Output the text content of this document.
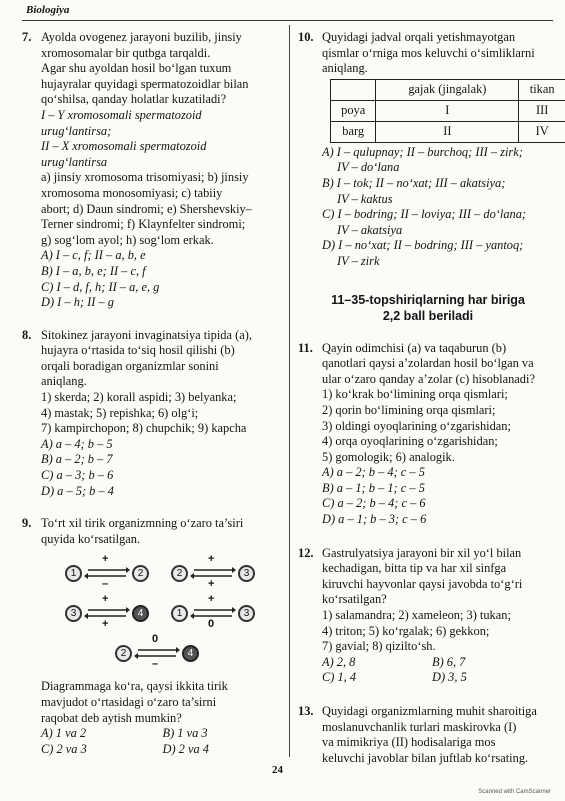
Biologiya
7. Ayolda ovogenez jarayoni buzilib, jinsiy
xromosomalar bir qutbga tarqaldi.
Agar shu ayoldan hosil bo‘lgan tuxum
hujayralar quyidagi spermatozoidlar bilan
qo‘shilsa, qanday holatlar kuzatiladi?
I – Y xromosomali spermatozoid
urug‘lantirsa;
II – X xromosomali spermatozoid
urug‘lantirsa
a) jinsiy xromosoma trisomiyasi; b) jinsiy
xromosoma monosomiyasi; c) tabiiy
abort; d) Daun sindromi; e) Shershevskiy–
Terner sindromi; f) Klaynfelter sindromi;
g) sog‘lom ayol; h) sog‘lom erkak.
A) I – c, f; II – a, b, e
B) I – a, b, e; II – c, f
C) I – d, f, h; II – a, e, g
D) I – h; II – g
8. Sitokinez jarayoni invaginatsiya tipida (a),
hujayra o‘rtasida to‘siq hosil qilishi (b)
orqali boradigan organizmlar sonini
aniqlang.
1) skerda; 2) korall aspidi; 3) belyanka;
4) mastak; 5) repishka; 6) olg‘i;
7) kampirchopon; 8) chupchik; 9) kapcha
A) a – 4; b – 5
B) a – 2; b – 7
C) a – 3; b – 6
D) a – 5; b – 4
9. To‘rt xil tirik organizmning o‘zaro ta’siri
quyida ko‘rsatilgan.
1
+
–
2	2
+
+
3
3
+
+
4	1
+
0
3
2
0
–
4
Diagrammaga ko‘ra, qaysi ikkita tirik
mavjudot o‘rtasidagi o‘zaro ta’sirni
raqobat deb aytish mumkin?
A) 1 va 2	B) 1 va 3
C) 2 va 3	D) 2 va 4
10. Quyidagi jadval orqali yetishmayotgan
qismlar o‘rniga mos keluvchi o‘simliklarni
aniqlang.
	gajak (jingalak)	tikan
poya	I	III
barg	II	IV
A) I – qulupnay; II – burchoq; III – zirk;
IV – do‘lana
B) I – tok; II – no‘xat; III – akatsiya;
IV – kaktus
C) I – bodring; II – loviya; III – do‘lana;
IV – akatsiya
D) I – no‘xat; II – bodring; III – yantoq;
IV – zirk
11–35-topshiriqlarning har biriga
2,2 ball beriladi
11. Qayin odimchisi (a) va taqaburun (b)
qanotlari qaysi a’zolardan hosil bo‘lgan va
ular o‘zaro qanday a’zolar (c) hisoblanadi?
1) ko‘krak bo‘limining orqa qismlari;
2) qorin bo‘limining orqa qismlari;
3) oldingi oyoqlarining o‘zgarishidan;
4) orqa oyoqlarining o‘zgarishidan;
5) gomologik; 6) analogik.
A) a – 2; b – 4; c – 5
B) a – 1; b – 1; c – 5
C) a – 2; b – 4; c – 6
D) a – 1; b – 3; c – 6
12. Gastrulyatsiya jarayoni bir xil yo‘l bilan
kechadigan, bitta tip va har xil sinfga
kiruvchi hayvonlar qaysi javobda to‘g‘ri
ko‘rsatilgan?
1) salamandra; 2) xameleon; 3) tukan;
4) triton; 5) ko‘rgalak; 6) gekkon;
7) gavial; 8) qizilto‘sh.
A) 2, 8	B) 6, 7
C) 1, 4	D) 3, 5
13. Quyidagi organizmlarning muhit sharoitiga
moslanuvchanlik turlari maskirovka (I)
va mimikriya (II) hodisalariga mos
keluvchi javoblar bilan juftlab ko‘rsating.
24
Scanned with CamScanner
